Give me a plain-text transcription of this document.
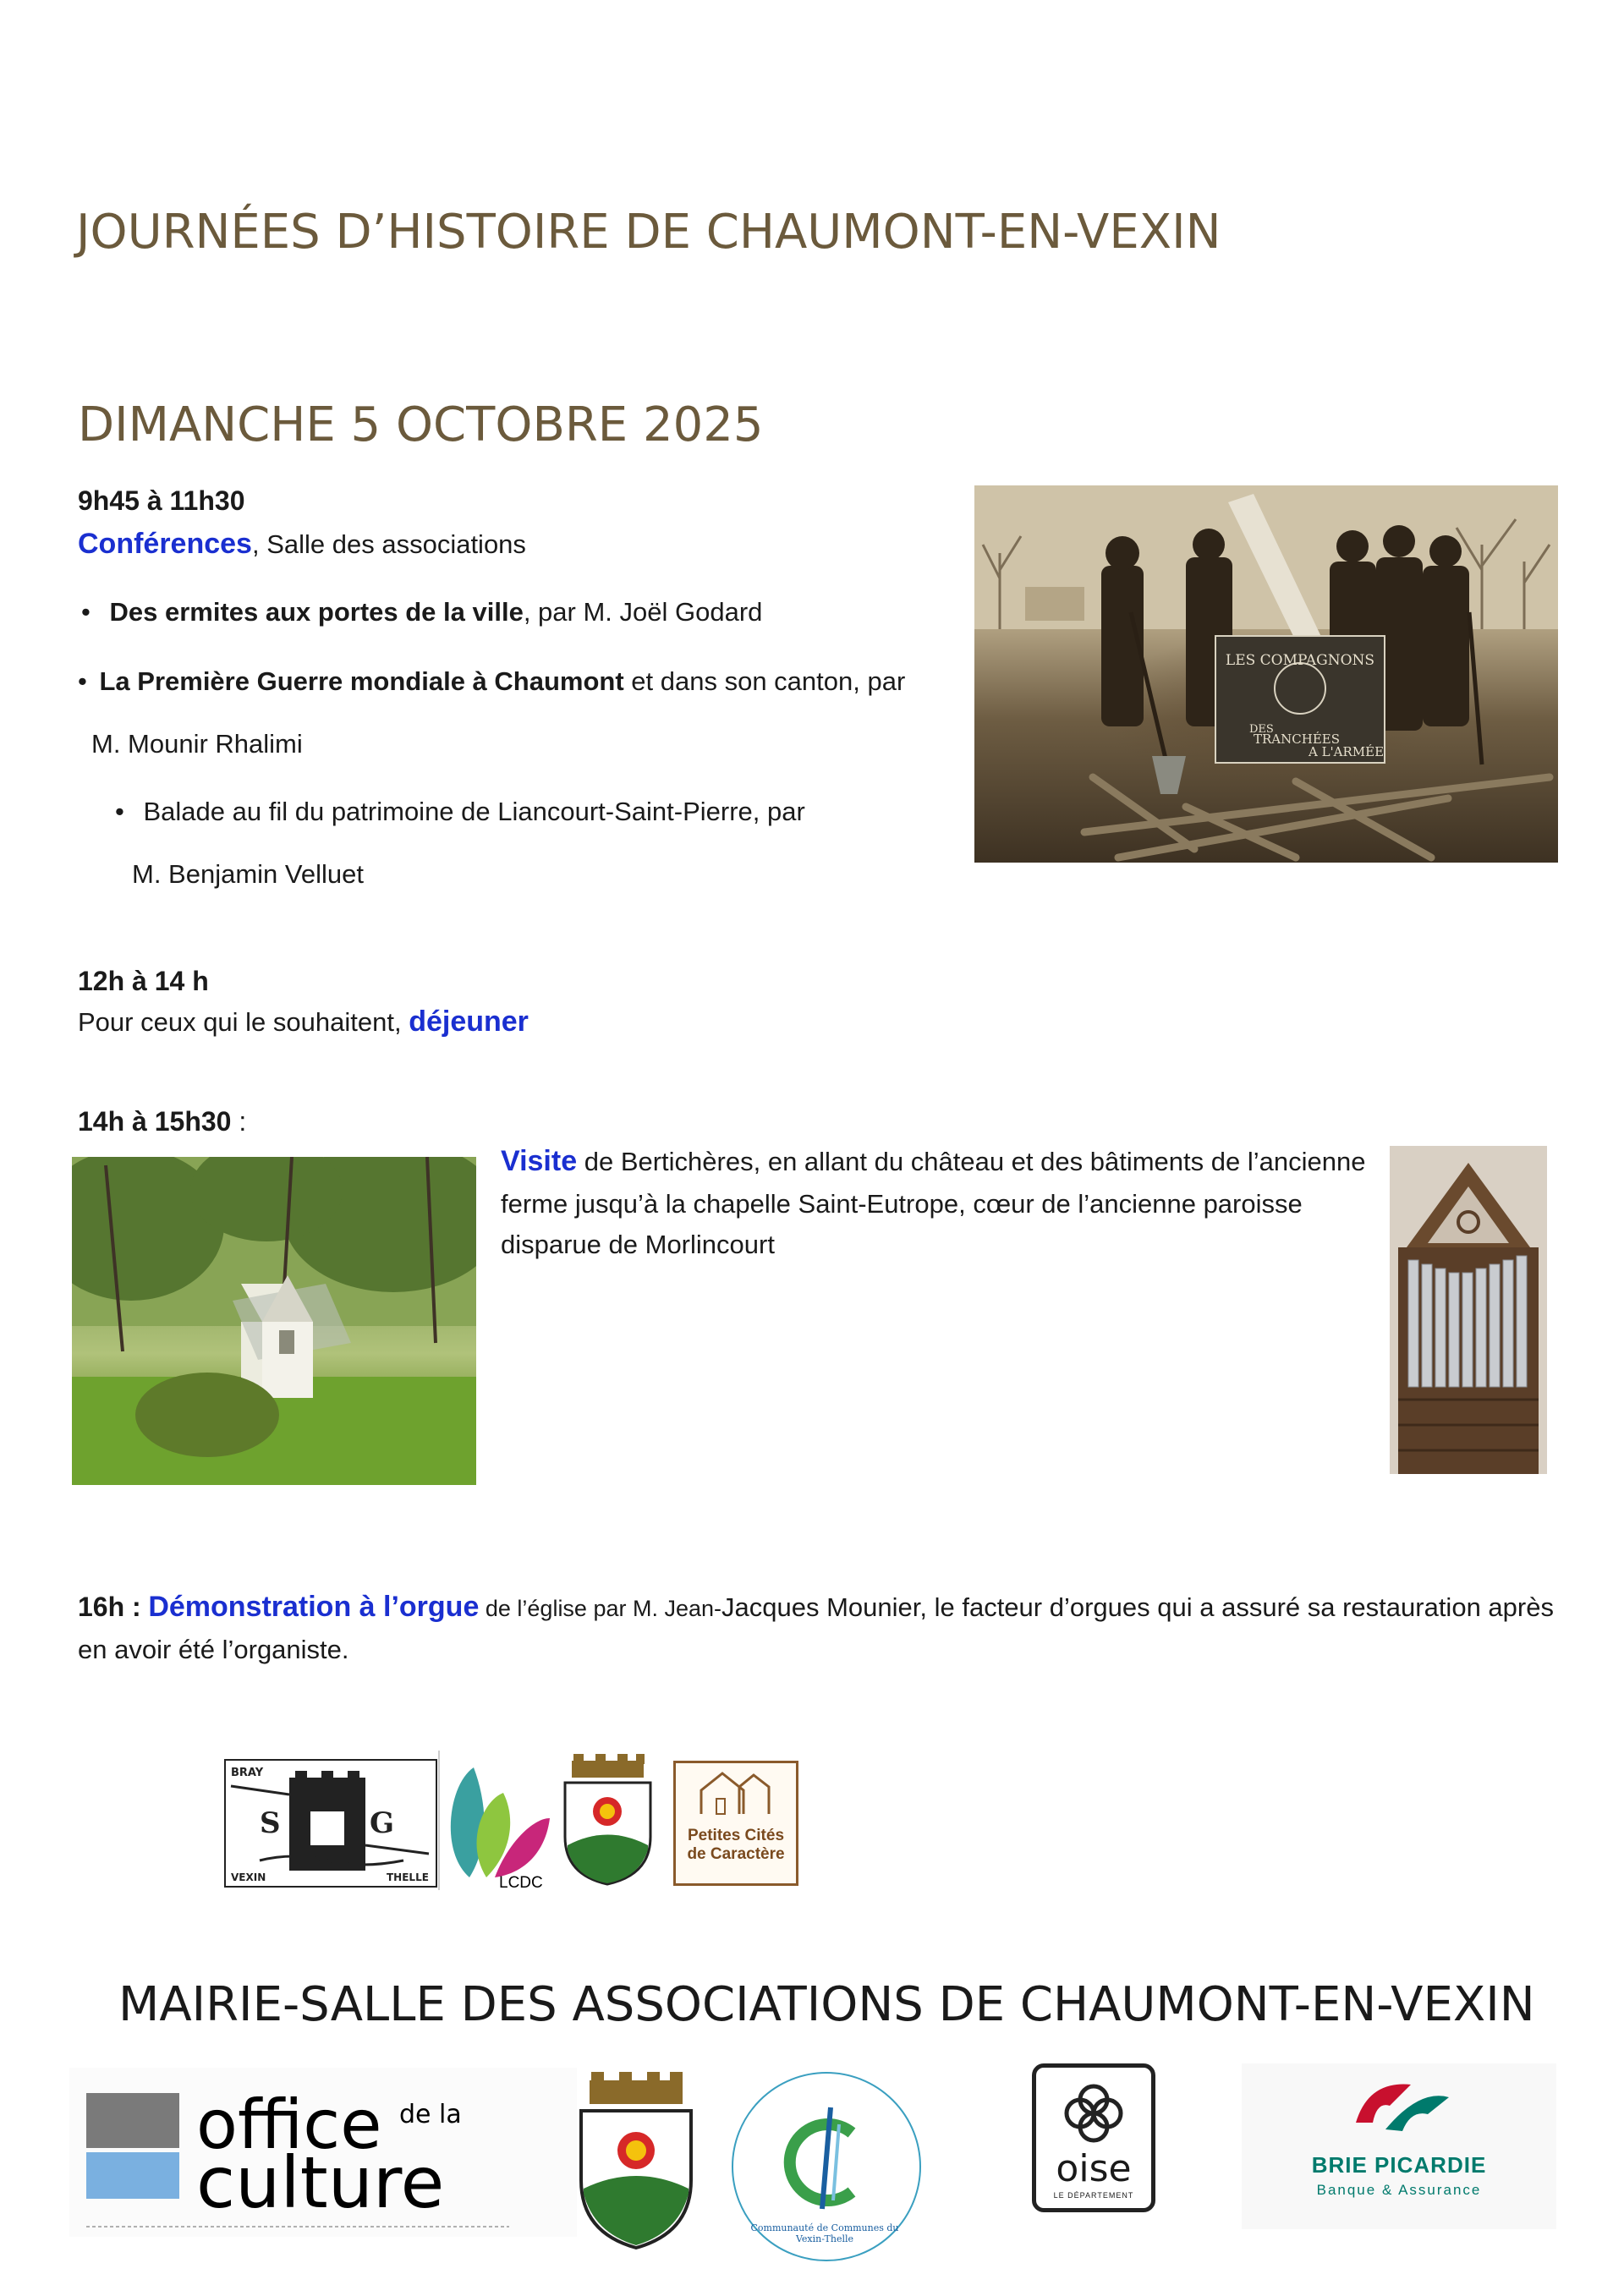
JOURNÉES D’HISTOIRE DE CHAUMONT-EN-VEXIN
DIMANCHE 5 OCTOBRE 2025
9h45 à 11h30
Conférences, Salle des associations
• Des ermites aux portes de la ville, par M. Joël Godard
• La Première Guerre mondiale à Chaumont et dans son canton, par
M. Mounir Rhalimi
• Balade au fil du patrimoine de Liancourt-Saint-Pierre, par
M. Benjamin Velluet
LES COMPAGNONS
DES
TRANCHÉES
A L'ARMÉE
12h à 14 h
Pour ceux qui le souhaitent, déjeuner
14h à 15h30 :
Visite de Bertichères, en allant du château et des bâtiments de l’ancienne ferme jusqu’à la chapelle Saint-Eutrope, cœur de l’ancienne paroisse disparue de Morlincourt
16h : Démonstration à l’orgue de l’église par M. Jean-Jacques Mounier, le facteur d’orgues qui a assuré sa restauration après en avoir été l’organiste.
BRAY
S	G
VEXIN	THELLE	LCDC
Petites Cités
de Caractère
MAIRIE-SALLE DES ASSOCIATIONS DE CHAUMONT-EN-VEXIN
office de la
culture
Communauté de Communes du Vexin-Thelle
oise
LE DÉPARTEMENT
BRIE PICARDIE
Banque & Assurance
